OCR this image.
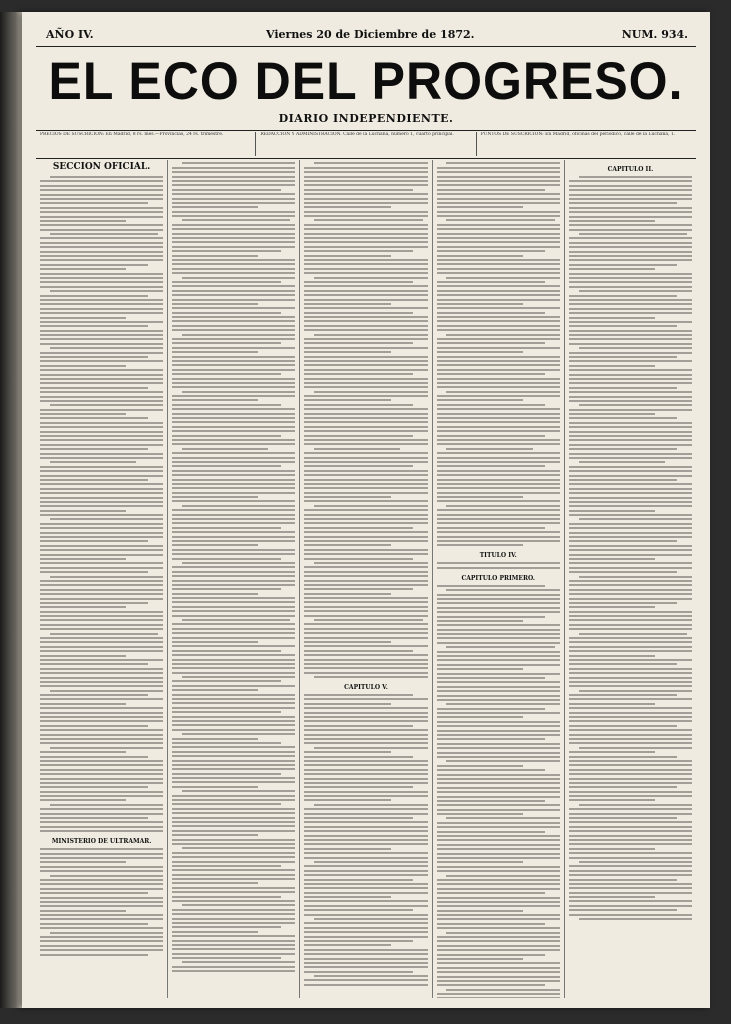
AÑO IV.	Viernes 20 de Diciembre de 1872.	NUM. 934.
EL ECO DEL PROGRESO.
DIARIO INDEPENDIENTE.
PRECIOS DE SUSCRICION: En Madrid, 8 rs. mes.—Provincias, 24 rs. trimestre.	REDACCION Y ADMINISTRACION. Calle de la Luchana, número 1, cuarto principal.	PUNTOS DE SUSCRICION: En Madrid, oficinas del periódico, calle de la Luchana, 1.
SECCION OFICIAL.
MINISTERIO DE ULTRAMAR.
CAPITULO V.
TITULO IV.
CAPITULO PRIMERO.
CAPITULO II.
